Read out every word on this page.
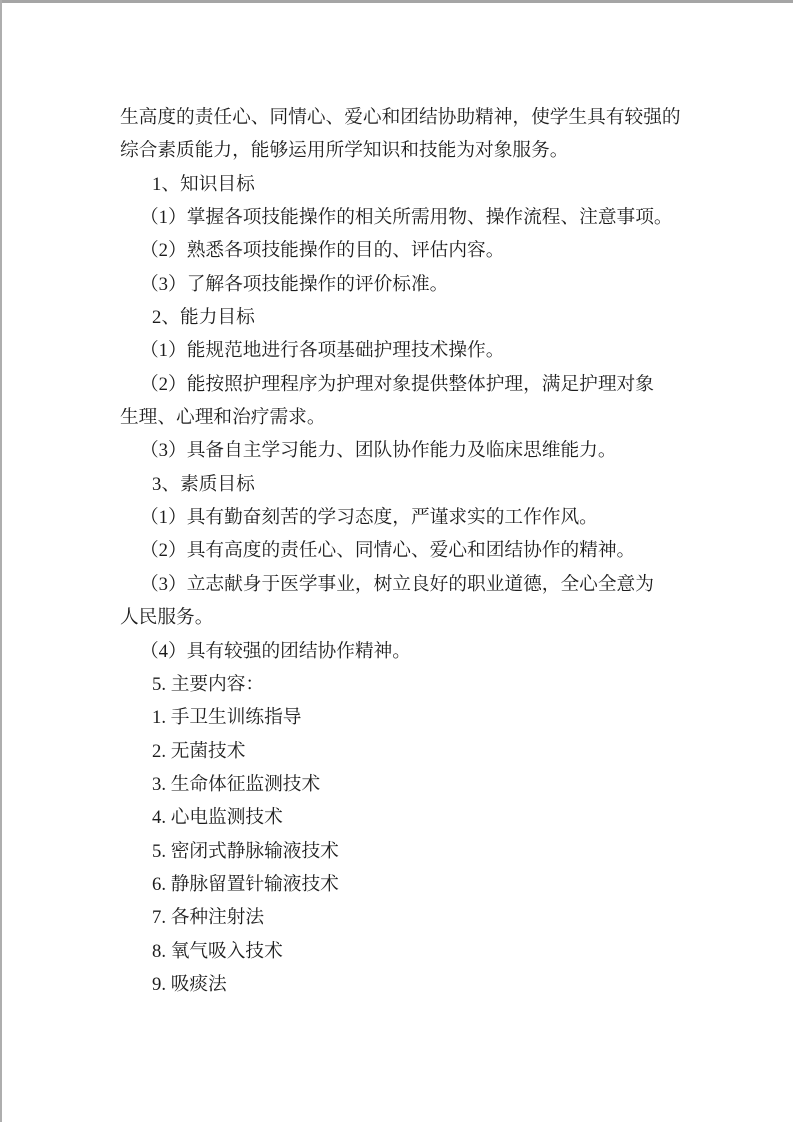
生高度的责任心、同情心、爱心和团结协助精神，使学生具有较强的
综合素质能力，能够运用所学知识和技能为对象服务。
1、知识目标
（1）掌握各项技能操作的相关所需用物、操作流程、注意事项。
（2）熟悉各项技能操作的目的、评估内容。
（3）了解各项技能操作的评价标准。
2、能力目标
（1）能规范地进行各项基础护理技术操作。
（2）能按照护理程序为护理对象提供整体护理，满足护理对象
生理、心理和治疗需求。
（3）具备自主学习能力、团队协作能力及临床思维能力。
3、素质目标
（1）具有勤奋刻苦的学习态度，严谨求实的工作作风。
（2）具有高度的责任心、同情心、爱心和团结协作的精神。
（3）立志献身于医学事业，树立良好的职业道德，全心全意为
人民服务。
（4）具有较强的团结协作精神。
5. 主要内容：
1. 手卫生训练指导
2. 无菌技术
3. 生命体征监测技术
4. 心电监测技术
5. 密闭式静脉输液技术
6. 静脉留置针输液技术
7. 各种注射法
8. 氧气吸入技术
9. 吸痰法
